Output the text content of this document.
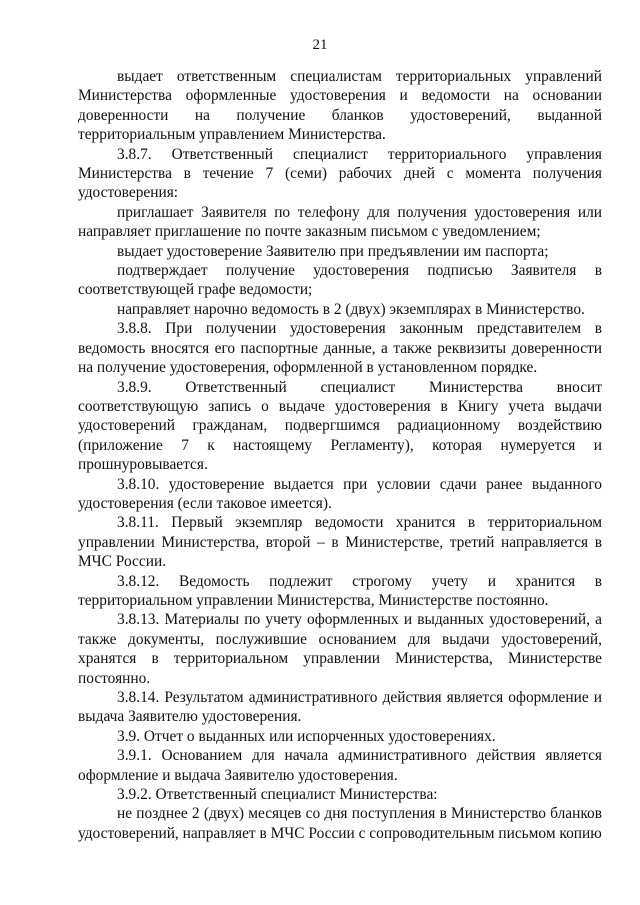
21

выдает ответственным специалистам территориальных управлений Министерства оформленные удостоверения и ведомости на основании доверенности на получение бланков удостоверений, выданной территориальным управлением Министерства.

3.8.7. Ответственный специалист территориального управления Министерства в течение 7 (семи) рабочих дней с момента получения удостоверения:

приглашает Заявителя по телефону для получения удостоверения или направляет приглашение по почте заказным письмом с уведомлением;

выдает удостоверение Заявителю при предъявлении им паспорта;

подтверждает получение удостоверения подписью Заявителя в соответствующей графе ведомости;

направляет нарочно ведомость в 2 (двух) экземплярах в Министерство.

3.8.8. При получении удостоверения законным представителем в ведомость вносятся его паспортные данные, а также реквизиты доверенности на получение удостоверения, оформленной в установленном порядке.

3.8.9. Ответственный специалист Министерства вносит соответствующую запись о выдаче удостоверения в Книгу учета выдачи удостоверений гражданам, подвергшимся радиационному воздействию (приложение 7 к настоящему Регламенту), которая нумеруется и прошнуровывается.

3.8.10. удостоверение выдается при условии сдачи ранее выданного удостоверения (если таковое имеется).

3.8.11. Первый экземпляр ведомости хранится в территориальном управлении Министерства, второй – в Министерстве, третий направляется в МЧС России.

3.8.12. Ведомость подлежит строгому учету и хранится в территориальном управлении Министерства, Министерстве постоянно.

3.8.13. Материалы по учету оформленных и выданных удостоверений, а также документы, послужившие основанием для выдачи удостоверений, хранятся в территориальном управлении Министерства, Министерстве постоянно.

3.8.14. Результатом административного действия является оформление и выдача Заявителю удостоверения.

3.9. Отчет о выданных или испорченных удостоверениях.

3.9.1. Основанием для начала административного действия является оформление и выдача Заявителю удостоверения.

3.9.2. Ответственный специалист Министерства:

не позднее 2 (двух) месяцев со дня поступления в Министерство бланков удостоверений, направляет в МЧС России с сопроводительным письмом копию
